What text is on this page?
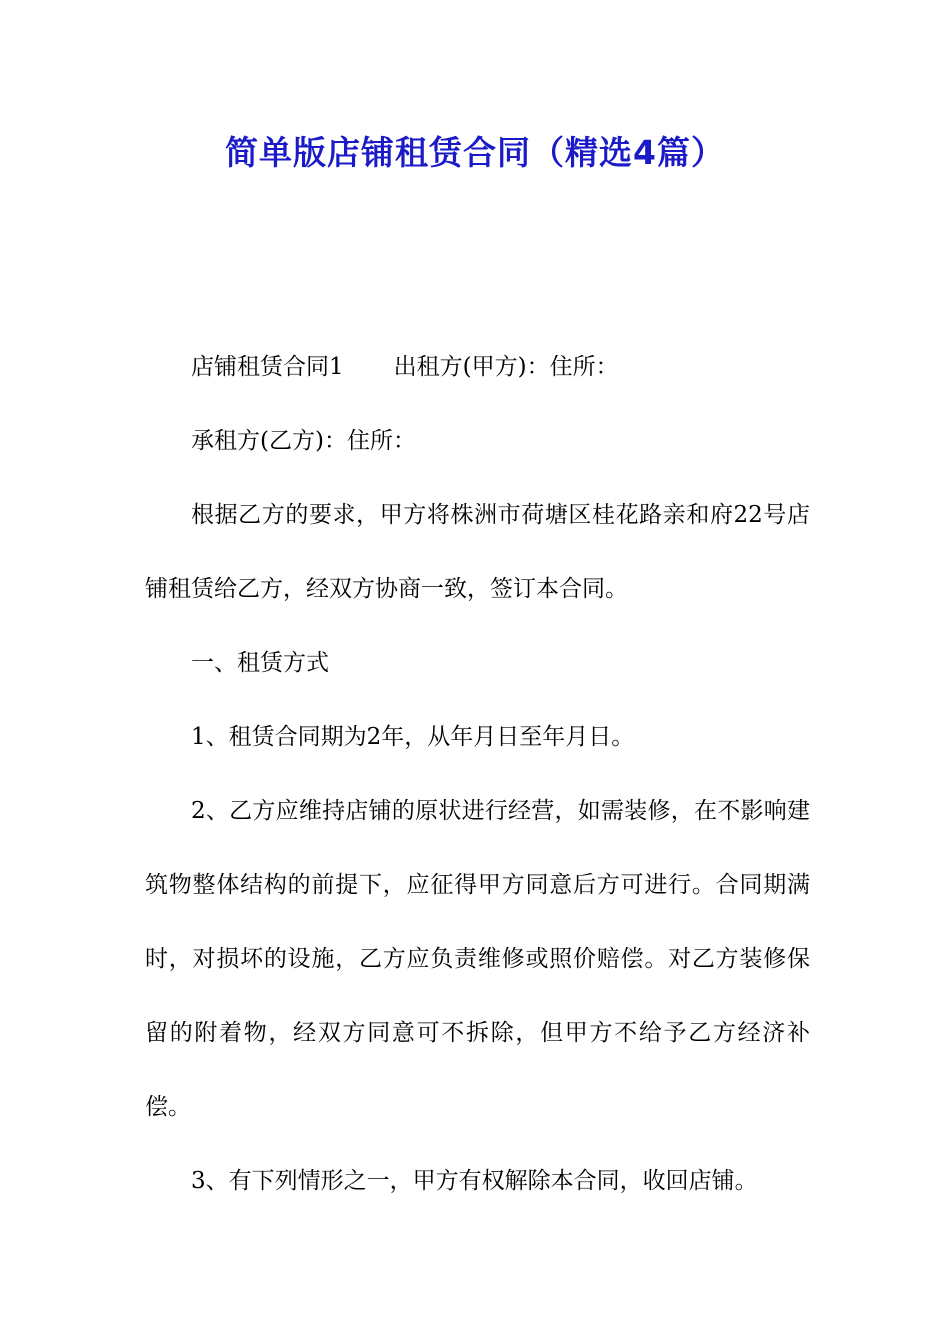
简单版店铺租赁合同（精选4篇）

店铺租赁合同1 出租方(甲方)：住所：

承租方(乙方)：住所：

根据乙方的要求，甲方将株洲市荷塘区桂花路亲和府22号店铺租赁给乙方，经双方协商一致，签订本合同。

一、租赁方式

1、租赁合同期为2年，从年月日至年月日。

2、乙方应维持店铺的原状进行经营，如需装修，在不影响建筑物整体结构的前提下，应征得甲方同意后方可进行。合同期满时，对损坏的设施，乙方应负责维修或照价赔偿。对乙方装修保留的附着物，经双方同意可不拆除，但甲方不给予乙方经济补偿。

3、有下列情形之一，甲方有权解除本合同，收回店铺。
